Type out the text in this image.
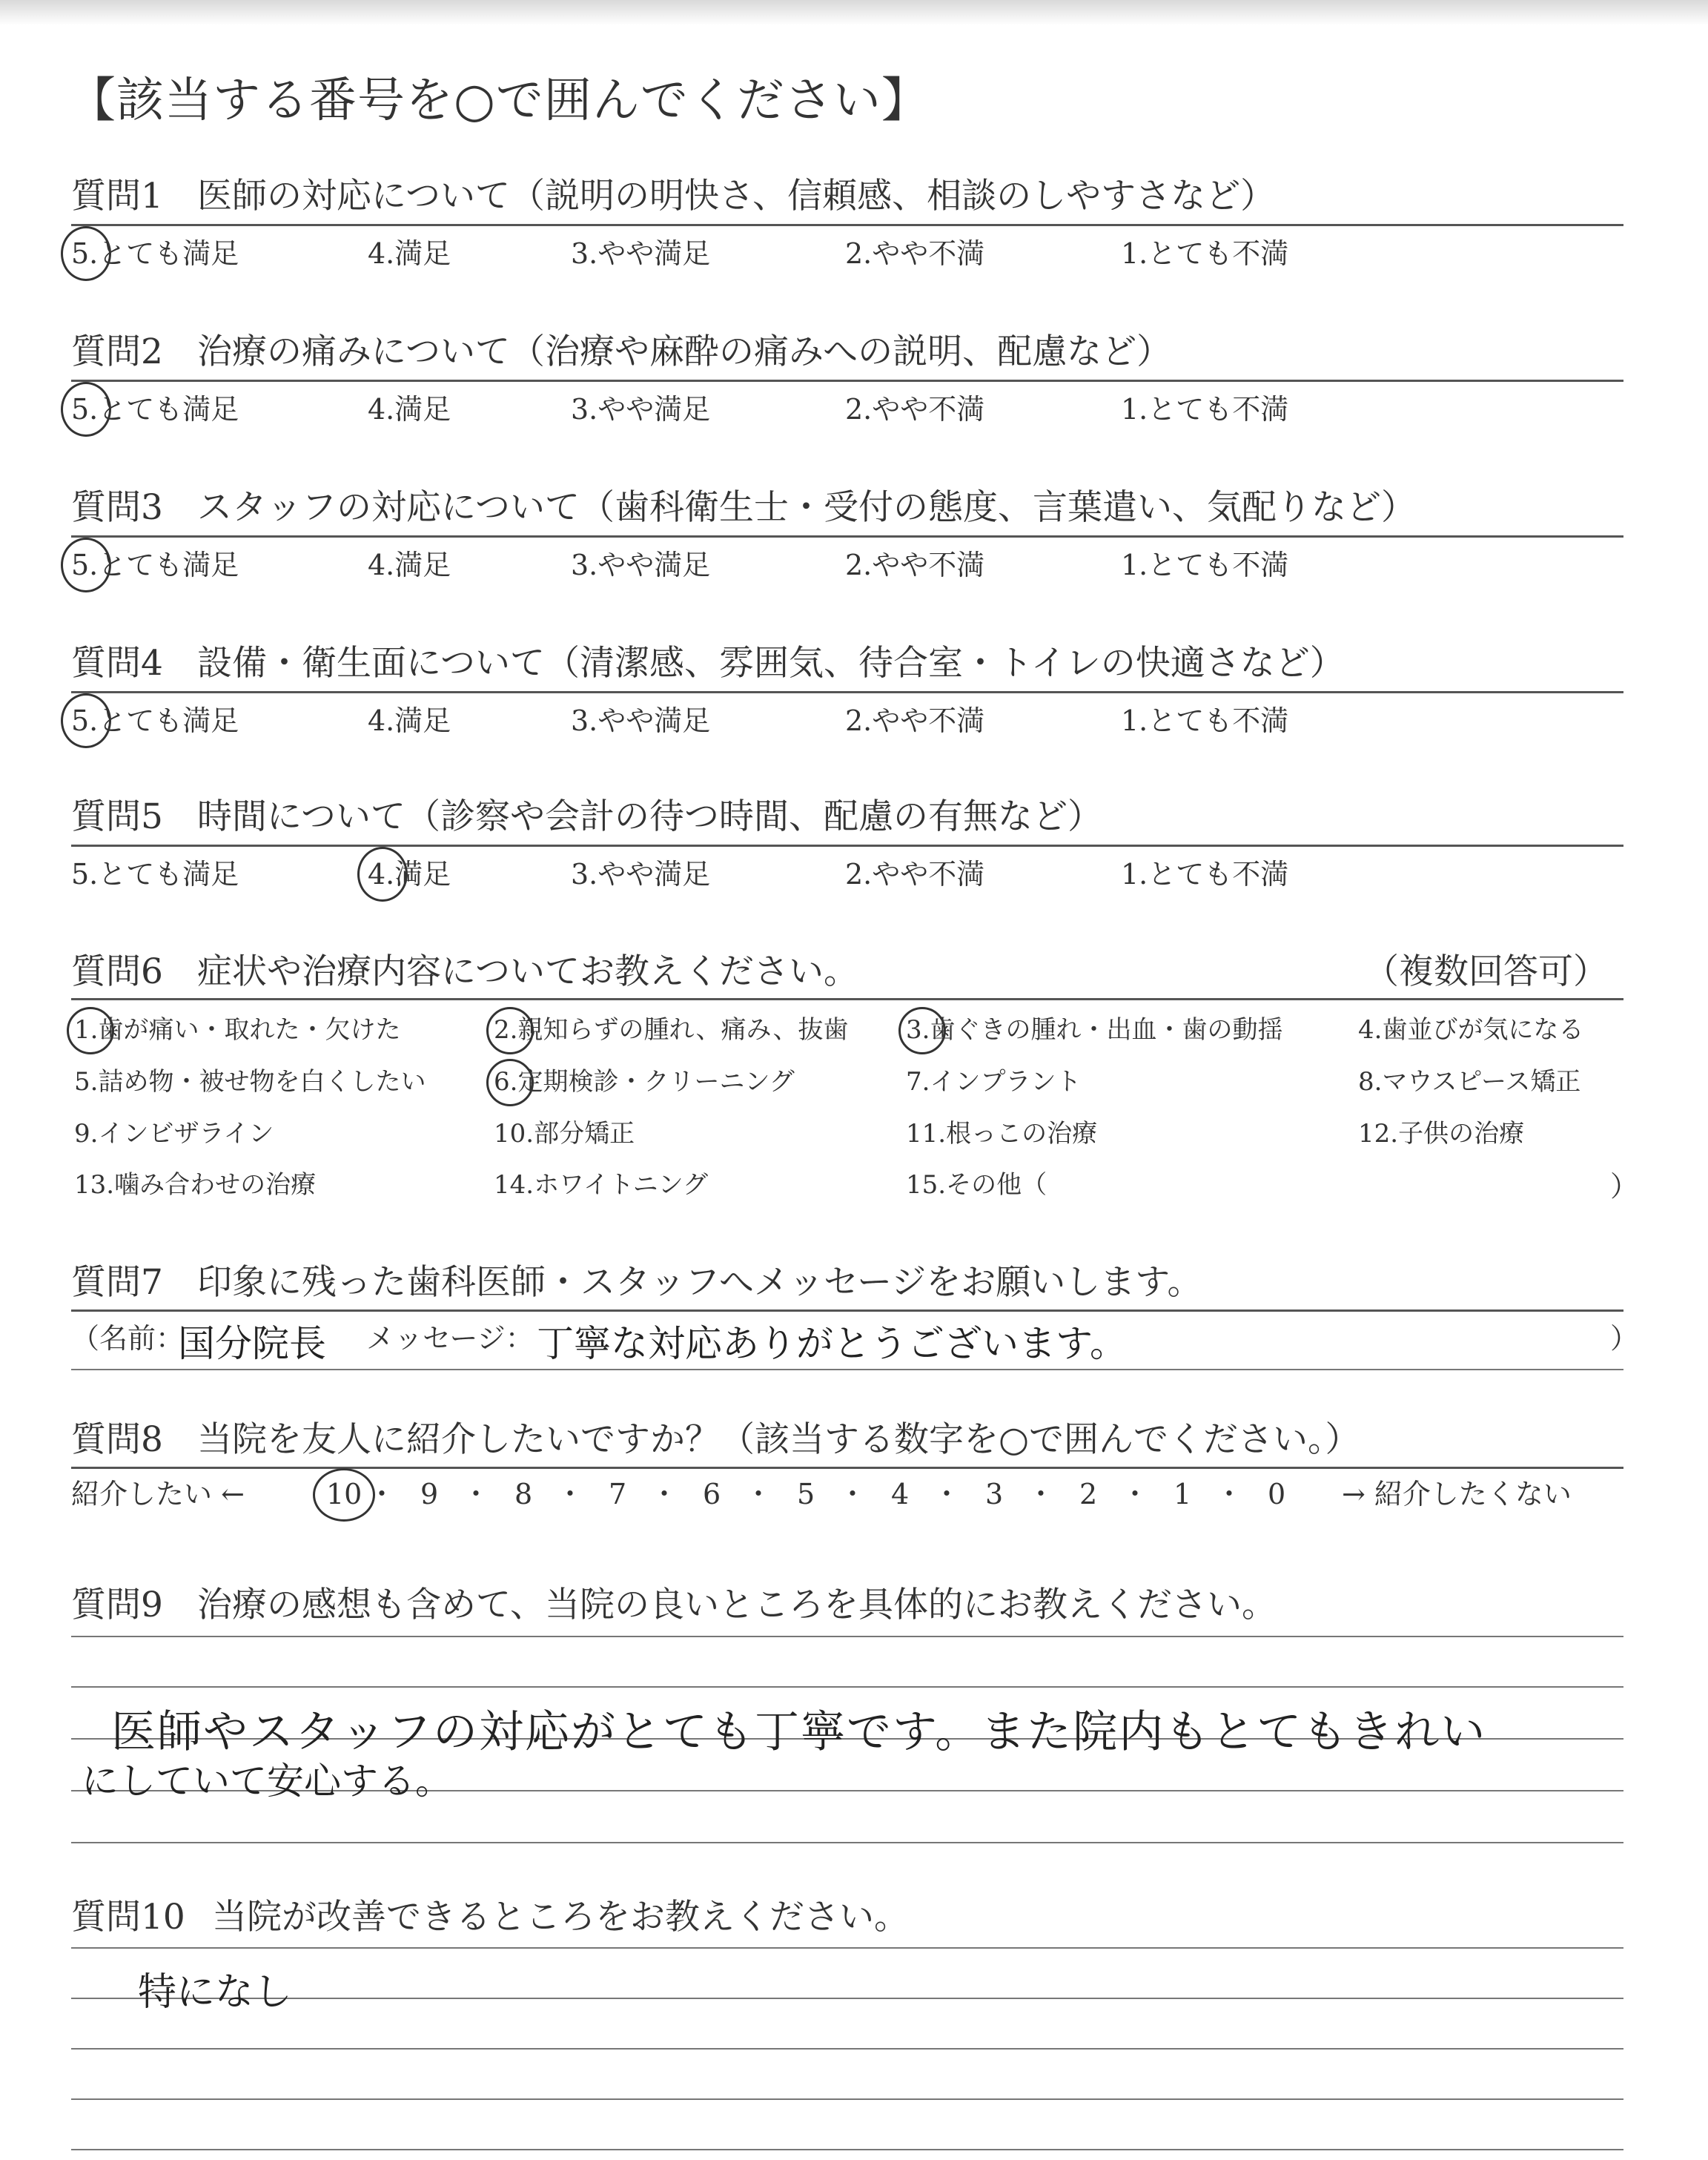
【該当する番号を○で囲んでください】
質問1 医師の対応について（説明の明快さ、信頼感、相談のしやすさなど）
5.とても満足	4.満足	3.やや満足	2.やや不満	1.とても不満
質問2 治療の痛みについて（治療や麻酔の痛みへの説明、配慮など）
5.とても満足	4.満足	3.やや満足	2.やや不満	1.とても不満
質問3 スタッフの対応について（歯科衛生士・受付の態度、言葉遣い、気配りなど）
5.とても満足	4.満足	3.やや満足	2.やや不満	1.とても不満
質問4 設備・衛生面について（清潔感、雰囲気、待合室・トイレの快適さなど）
5.とても満足	4.満足	3.やや満足	2.やや不満	1.とても不満
質問5 時間について（診察や会計の待つ時間、配慮の有無など）
5.とても満足	4.満足	3.やや満足	2.やや不満	1.とても不満
質問6 症状や治療内容についてお教えください。	（複数回答可）
1.歯が痛い・取れた・欠けた	2.親知らずの腫れ、痛み、抜歯 3.歯ぐきの腫れ・出血・歯の動揺	4.歯並びが気になる
5.詰め物・被せ物を白くしたい	6.定期検診・クリーニング	7.インプラント	8.マウスピース矯正
9.インビザライン	10.部分矯正	11.根っこの治療	12.子供の治療
13.噛み合わせの治療	14.ホワイトニング	15.その他（	）
質問7 印象に残った歯科医師・スタッフへメッセージをお願いします。
（名前：
国分院長 メッセージ： 丁寧な対応ありがとうございます。	）
質問8 当院を友人に紹介したいですか？（該当する数字を○で囲んでください。）
紹介したい ←	10 ・ 9 ・ 8 ・ 7 ・ 6 ・ 5 ・ 4 ・ 3 ・ 2 ・ 1 ・ 0 → 紹介したくない
質問9 治療の感想も含めて、当院の良いところを具体的にお教えください。
医師やスタッフの対応がとても丁寧です。また院内もとてもきれい
にしていて安心する。
質問10 当院が改善できるところをお教えください。
特になし
